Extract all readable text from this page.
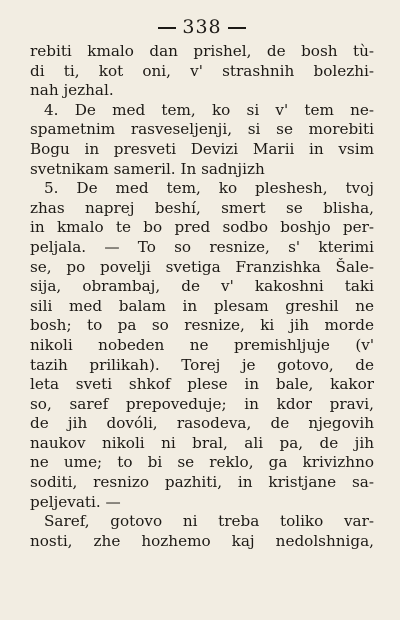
338
rebiti kmalo dan prishel, de bosh tù-
di ti, kot oni, v' strashnih bolezhi-
nah jezhal.
4. De med tem, ko si v' tem ne-
spametnim rasveseljenji, si se morebiti
Bogu in presveti Devizi Marii in vsim
svetnikam sameril. In sadnjizh
5. De med tem, ko pleshesh, tvoj
zhas naprej beshí, smert se blisha,
in kmalo te bo pred sodbo boshjo per-
peljala. — To so resnize, s' kterimi
se, po povelji svetiga Franzishka Šale-
sija, obrambaj, de v' kakoshni taki
sili med balam in plesam greshil ne
bosh; to pa so resnize, ki jih morde
nikoli nobeden ne premishljuje (v'
tazih prilikah). Torej je gotovo, de
leta sveti shkof plese in bale, kakor
so, saref prepoveduje; in kdor pravi,
de jih dovóli, rasodeva, de njegovih
naukov nikoli ni bral, ali pa, de jih
ne ume; to bi se reklo, ga krivizhno
soditi, resnizo pazhiti, in kristjane sa-
peljevati. —
Saref, gotovo ni treba toliko var-
nosti, zhe hozhemo kaj nedolshniga,
